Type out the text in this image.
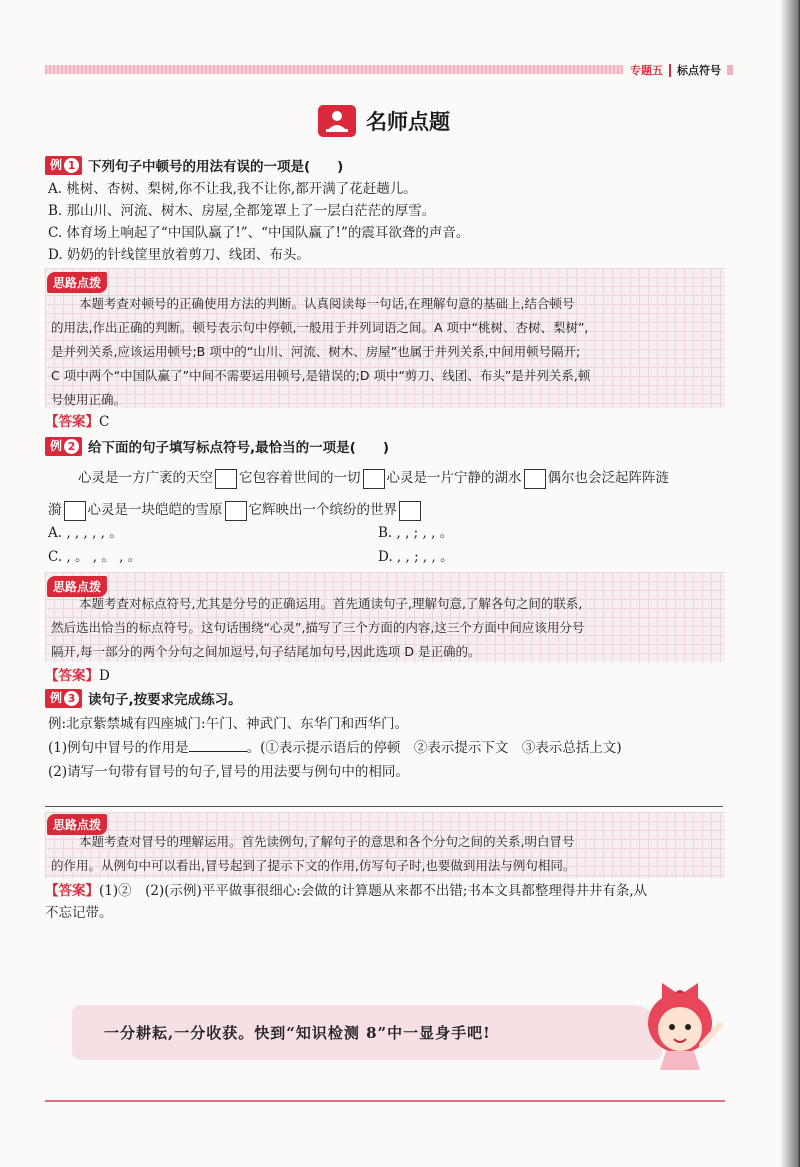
专题五 标点符号
名师点题
例 1 下列句子中顿号的用法有误的一项是(　　)
A. 桃树、杏树、梨树,你不让我,我不让你,都开满了花赶趟儿。
B. 那山川、河流、树木、房屋,全都笼罩上了一层白茫茫的厚雪。
C. 体育场上响起了“中国队赢了!”、“中国队赢了!”的震耳欲聋的声音。
D. 奶奶的针线筐里放着剪刀、线团、布头。
思路点拨
本题考查对顿号的正确使用方法的判断。认真阅读每一句话,在理解句意的基础上,结合顿号
的用法,作出正确的判断。顿号表示句中停顿,一般用于并列词语之间。A 项中“桃树、杏树、梨树”,
是并列关系,应该运用顿号;B 项中的“山川、河流、树木、房屋”也属于并列关系,中间用顿号隔开;
C 项中两个“中国队赢了”中间不需要运用顿号,是错误的;D 项中“剪刀、线团、布头”是并列关系,顿
号使用正确。
【答案】C
例 2 给下面的句子填写标点符号,最恰当的一项是(　　)
心灵是一方广袤的天空 它包容着世间的一切 心灵是一片宁静的湖水 偶尔也会泛起阵阵涟
漪 心灵是一块皑皑的雪原 它辉映出一个缤纷的世界
A. , , , , , 。	B. , , ; , , 。
C. , 。 , 。 , 。	D. , , ; , , 。
思路点拨
本题考查对标点符号,尤其是分号的正确运用。首先通读句子,理解句意,了解各句之间的联系,
然后选出恰当的标点符号。这句话围绕“心灵”,描写了三个方面的内容,这三个方面中间应该用分号
隔开,每一部分的两个分句之间加逗号,句子结尾加句号,因此选项 D 是正确的。
【答案】D
例 3 读句子,按要求完成练习。
例:北京紫禁城有四座城门:午门、神武门、东华门和西华门。
(1)例句中冒号的作用是	。(①表示提示语后的停顿　②表示提示下文　③表示总括上文)
(2)请写一句带有冒号的句子,冒号的用法要与例句中的相同。
思路点拨
本题考查对冒号的理解运用。首先读例句,了解句子的意思和各个分句之间的关系,明白冒号
的作用。从例句中可以看出,冒号起到了提示下文的作用,仿写句子时,也要做到用法与例句相同。
【答案】(1)②　(2)(示例)平平做事很细心:会做的计算题从来都不出错;书本文具都整理得井井有条,从
不忘记带。
一分耕耘,一分收获。快到“知识检测 8”中一显身手吧!
